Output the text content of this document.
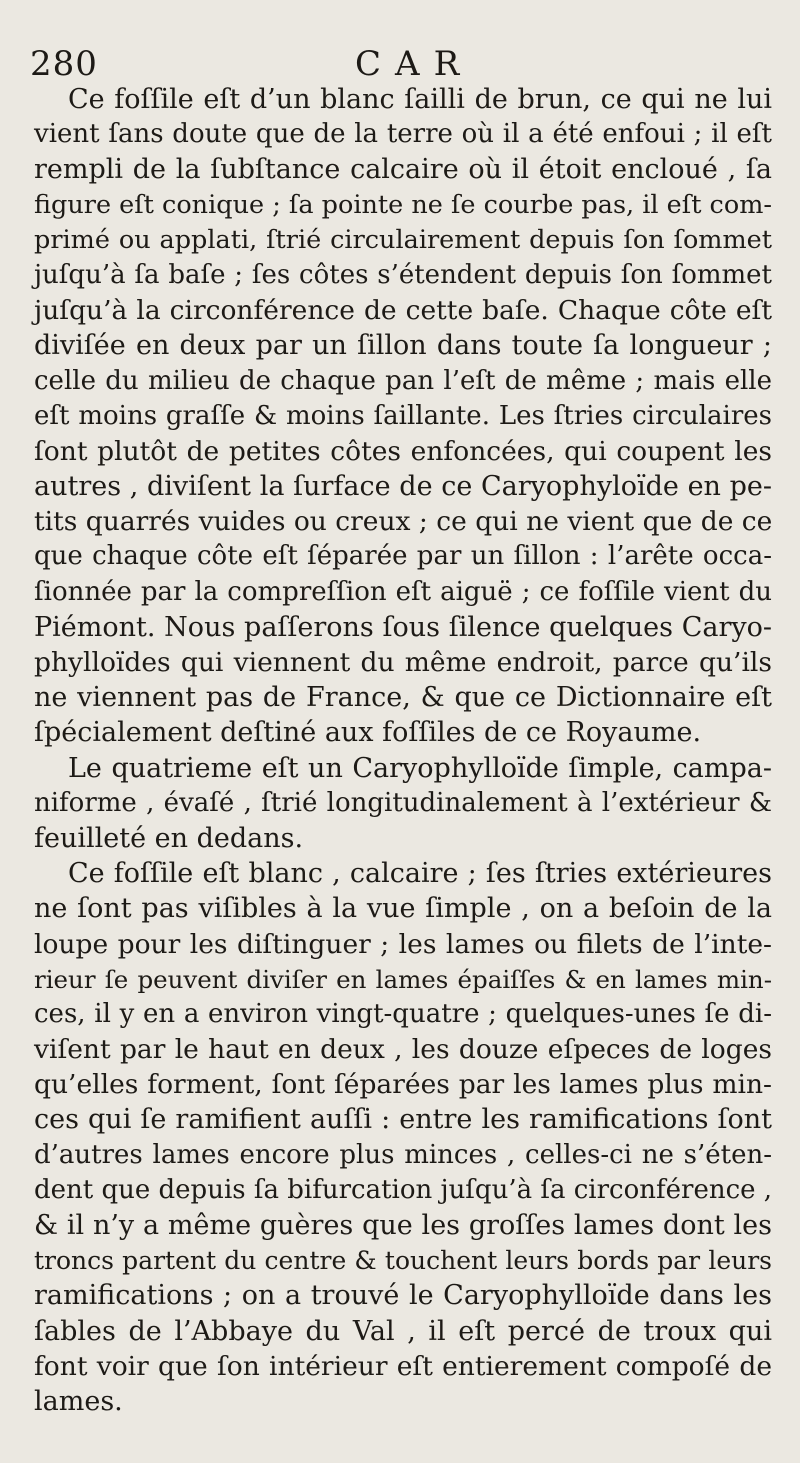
280	CAR
Ce foſſile eſt d’un blanc ſailli de brun, ce qui ne lui
vient ſans doute que de la terre où il a été enfoui ; il eſt
rempli de la ſubſtance calcaire où il étoit encloué , ſa
figure eſt conique ; ſa pointe ne ſe courbe pas, il eſt com-
primé ou applati, ſtrié circulairement depuis ſon ſommet
juſqu’à ſa baſe ; ſes côtes s’étendent depuis ſon ſommet
juſqu’à la circonférence de cette baſe. Chaque côte eſt
diviſée en deux par un ſillon dans toute ſa longueur ;
celle du milieu de chaque pan l’eſt de même ; mais elle
eſt moins graſſe & moins ſaillante. Les ſtries circulaires
ſont plutôt de petites côtes enfoncées, qui coupent les
autres , diviſent la ſurface de ce Caryophyloïde en pe-
tits quarrés vuides ou creux ; ce qui ne vient que de ce
que chaque côte eſt ſéparée par un ſillon : l’arête occa-
ſionnée par la compreſſion eſt aiguë ; ce foſſile vient du
Piémont. Nous paſſerons ſous ſilence quelques Caryo-
phylloïdes qui viennent du même endroit, parce qu’ils
ne viennent pas de France, & que ce Dictionnaire eſt
ſpécialement deſtiné aux foſſiles de ce Royaume.
Le quatrieme eſt un Caryophylloïde ſimple, campa-
niforme , évaſé , ſtrié longitudinalement à l’extérieur &
feuilleté en dedans.
Ce foſſile eſt blanc , calcaire ; ſes ſtries extérieures
ne ſont pas viſibles à la vue ſimple , on a beſoin de la
loupe pour les diſtinguer ; les lames ou filets de l’inte-
rieur ſe peuvent diviſer en lames épaiſſes & en lames min-
ces, il y en a environ vingt-quatre ; quelques-unes ſe di-
viſent par le haut en deux , les douze eſpeces de loges
qu’elles forment, ſont ſéparées par les lames plus min-
ces qui ſe ramifient auſſi : entre les ramifications ſont
d’autres lames encore plus minces , celles-ci ne s’éten-
dent que depuis ſa bifurcation juſqu’à ſa circonférence ,
& il n’y a même guères que les groſſes lames dont les
troncs partent du centre & touchent leurs bords par leurs
ramifications ; on a trouvé le Caryophylloïde dans les
ſables de l’Abbaye du Val , il eſt percé de troux qui
font voir que ſon intérieur eſt entierement compoſé de
lames.
